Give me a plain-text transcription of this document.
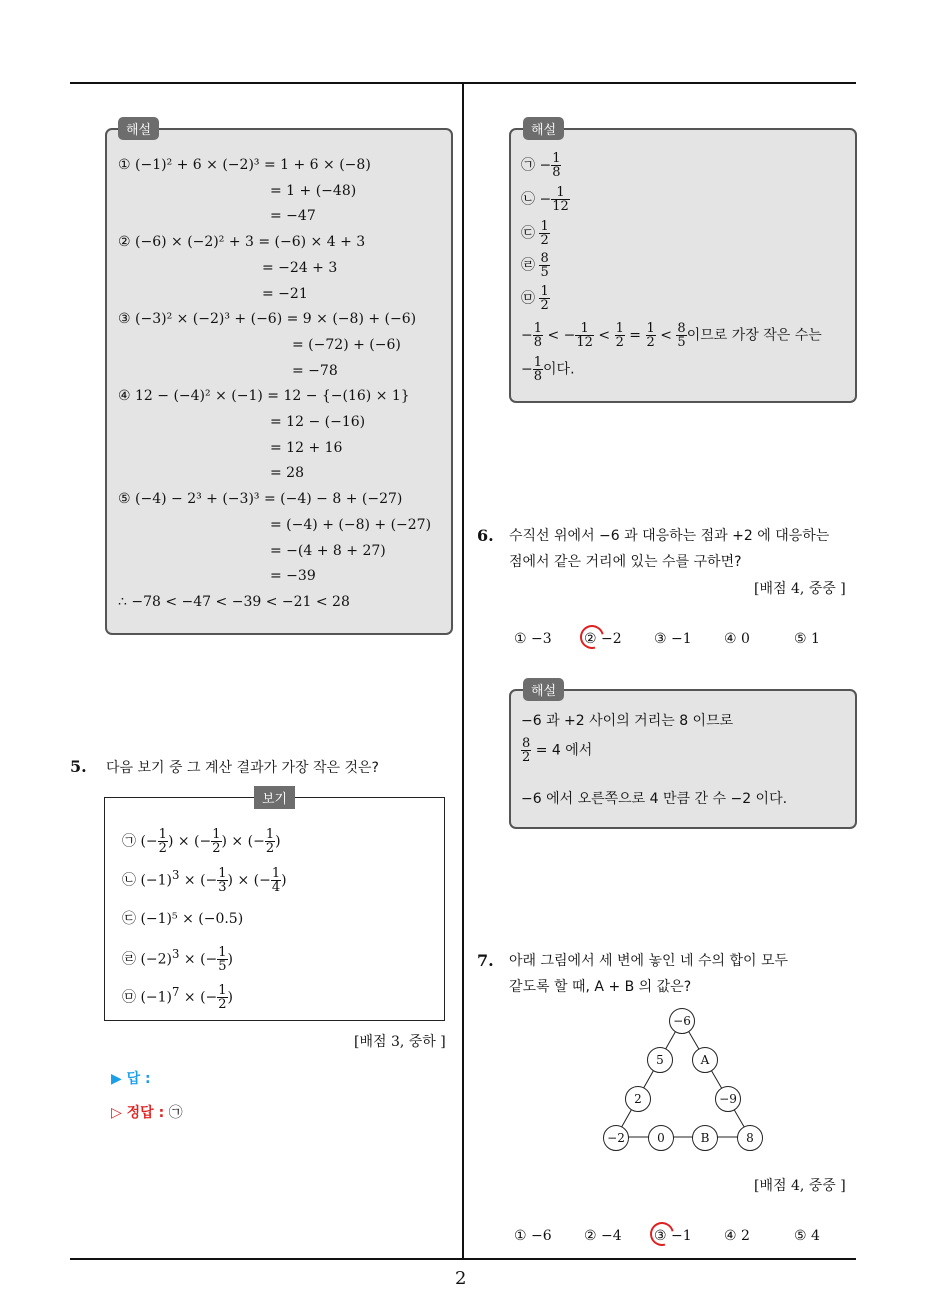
2
해설
① (−1)² + 6 × (−2)³ = 1 + 6 × (−8)
= 1 + (−48)
= −47
② (−6) × (−2)² + 3 = (−6) × 4 + 3
= −24 + 3
= −21
③ (−3)² × (−2)³ + (−6) = 9 × (−8) + (−6)
= (−72) + (−6)
= −78
④ 12 − (−4)² × (−1) = 12 − {−(16) × 1}
= 12 − (−16)
= 12 + 16
= 28
⑤ (−4) − 2³ + (−3)³ = (−4) − 8 + (−27)
= (−4) + (−8) + (−27)
= −(4 + 8 + 27)
= −39
∴ −78 < −47 < −39 < −21 < 28
5. 다음 보기 중 그 계산 결과가 가장 작은 것은?
보기
㉠ (− $\frac{1}{2}$ ) × (− $\frac{1}{2}$ ) × (− $\frac{1}{2}$ )
㉡ $(-1)^3$ × (− $\frac{1}{3}$ ) × (− $\frac{1}{4}$ )
㉢ (−1)⁵ × (−0.5)
㉣ $(-2)^3$ × (− $\frac{1}{5}$ )
㉤ $(-1)^7$ × (− $\frac{1}{2}$ )
[배점 3, 중하 ]
▶ 답 :
▷ 정답 : ㉠
해설
㉠ − $\frac{1}{8}$
㉡ − $\frac{1}{12}$
㉢ $\frac{1}{2}$
㉣ $\frac{8}{5}$
㉤ $\frac{1}{2}$
− $\frac{1}{8}$ < − $\frac{1}{12} < \frac{1}{2} = \frac{1}{2} < \frac{8}{5}$ 이므로 가장 작은 수는
− $\frac{1}{8}$ 이다.
6. 수직선 위에서 −6 과 대응하는 점과 +2 에 대응하는
점에서 같은 거리에 있는 수를 구하면?
[배점 4, 중중 ]
① −3 ② −2 ③ −1 ④ 0	⑤ 1
해설
−6 과 +2 사이의 거리는 8 이므로
$\frac{8}{2} = 4$ 에서
−6 에서 오른쪽으로 4 만큼 간 수 −2 이다.
7. 아래 그림에서 세 변에 놓인 네 수의 합이 모두
같도록 할 때, A + B 의 값은?
−6
5	A
2	−9
−2	0	B	8
[배점 4, 중중 ]
① −6 ② −4 ③ −1 ④ 2	⑤ 4
